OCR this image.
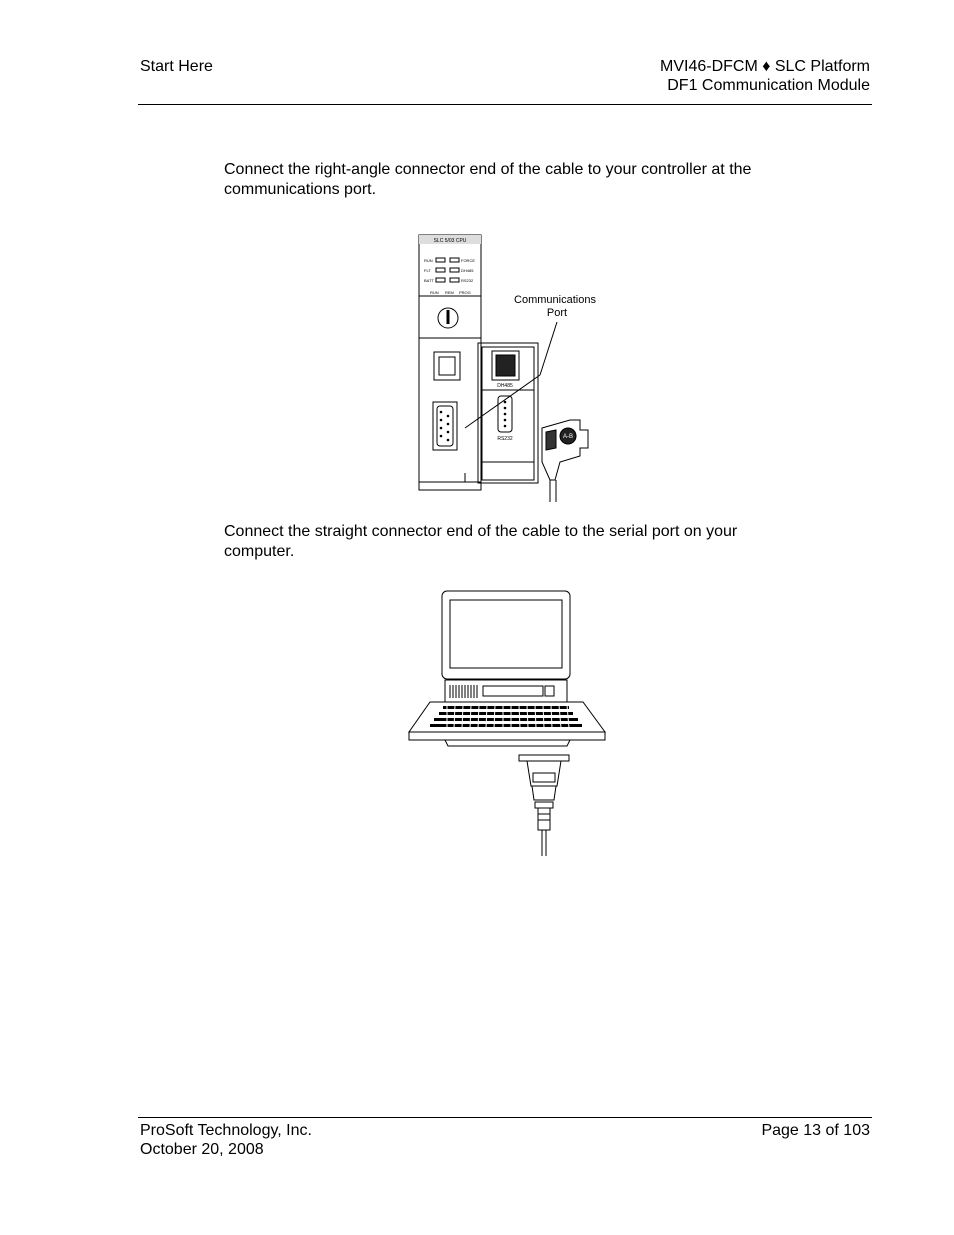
Start Here	MVI46-DFCM ♦ SLC Platform
DF1 Communication Module

Connect the right-angle connector end of the cable to your controller at the

communications port.

SLC 5/03 CPU
RUN
FLT
BATT
FORCE
DH485
RS232
RUN REM PROG
DH485
RS232	A-B
Communications
Port

Connect the straight connector end of the cable to the serial port on your

computer.

ProSoft Technology, Inc.
October 20, 2008
Page 13 of 103
